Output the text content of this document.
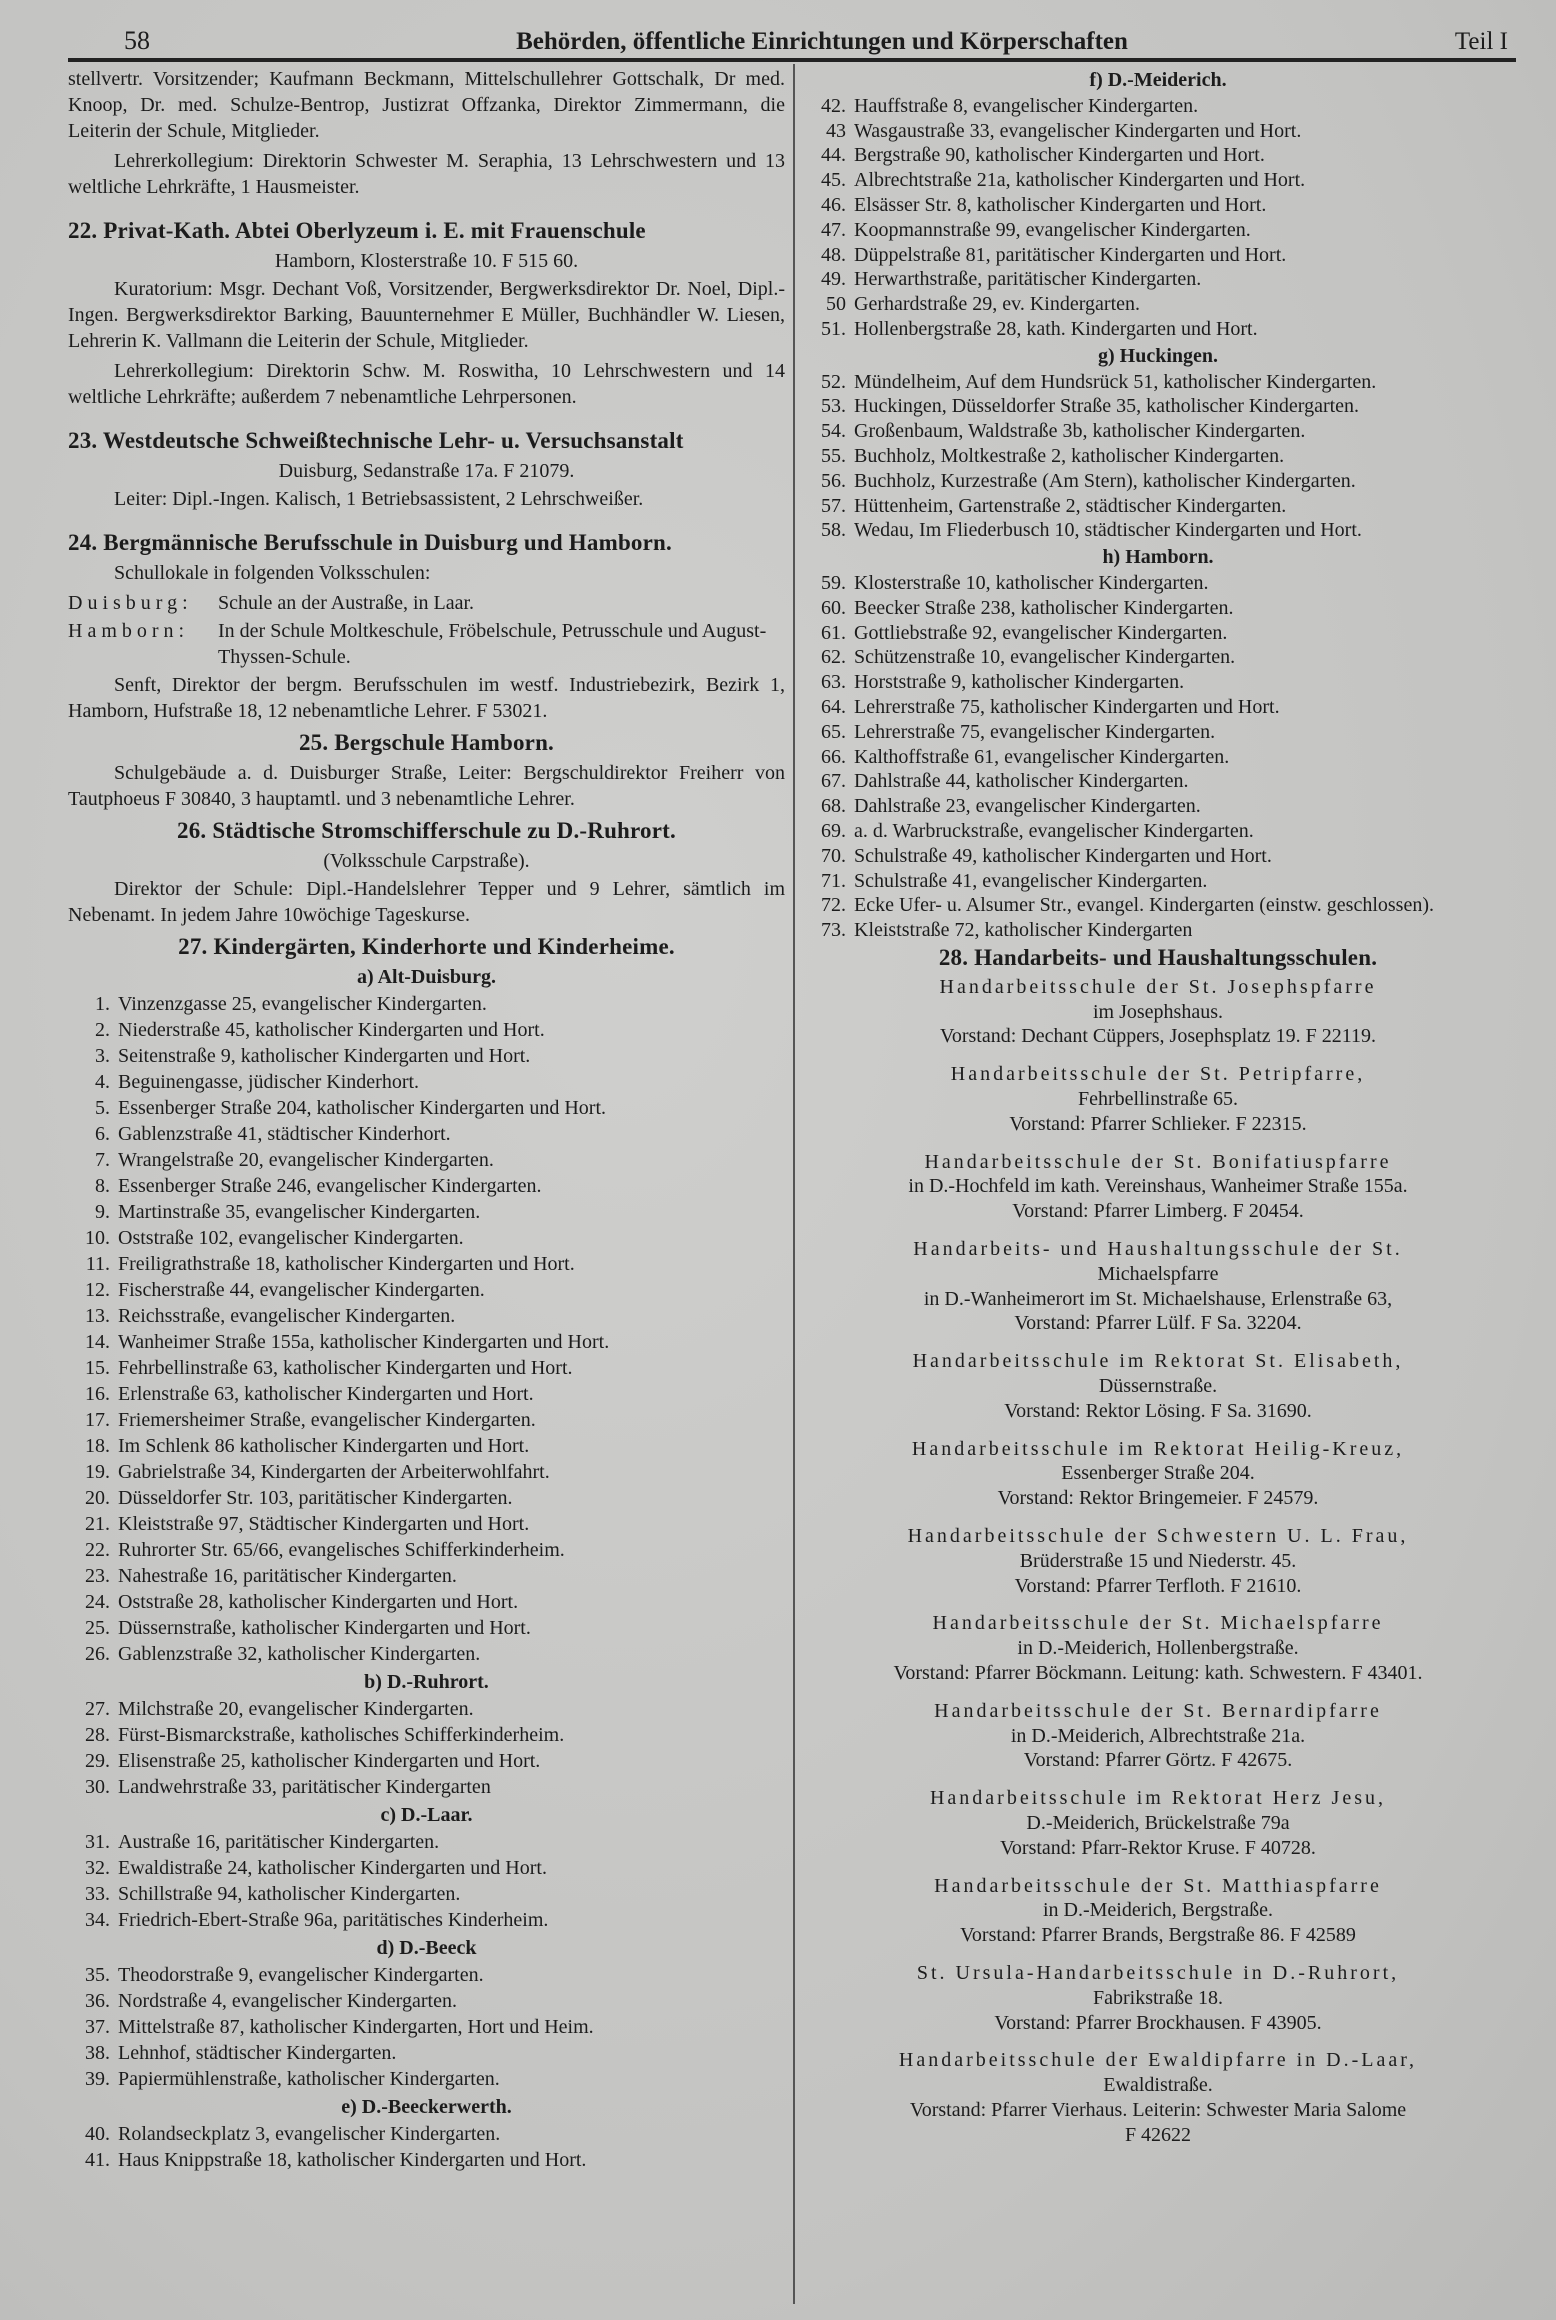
58	Behörden, öffentliche Einrichtungen und Körperschaften	Teil I
stellvertr. Vorsitzender; Kaufmann Beckmann, Mittelschullehrer Gottschalk, Dr med. Knoop, Dr. med. Schulze-Bentrop, Justizrat Offzanka, Direktor Zimmermann, die Leiterin der Schule, Mitglieder.
Lehrerkollegium: Direktorin Schwester M. Seraphia, 13 Lehrschwestern und 13 weltliche Lehrkräfte, 1 Hausmeister.
22. Privat-Kath. Abtei Oberlyzeum i. E. mit Frauenschule
Hamborn, Klosterstraße 10. F 515 60.
Kuratorium: Msgr. Dechant Voß, Vorsitzender, Bergwerksdirektor Dr. Noel, Dipl.-Ingen. Bergwerksdirektor Barking, Bauunternehmer E Müller, Buchhändler W. Liesen, Lehrerin K. Vallmann die Leiterin der Schule, Mitglieder.
Lehrerkollegium: Direktorin Schw. M. Roswitha, 10 Lehrschwestern und 14 weltliche Lehrkräfte; außerdem 7 nebenamtliche Lehrpersonen.
23. Westdeutsche Schweißtechnische Lehr- u. Versuchsanstalt
Duisburg, Sedanstraße 17a. F 21079.
Leiter: Dipl.-Ingen. Kalisch, 1 Betriebsassistent, 2 Lehrschweißer.
24. Bergmännische Berufsschule in Duisburg und Hamborn.
Schullokale in folgenden Volksschulen:
Duisburg:	Schule an der Austraße, in Laar.
Hamborn:	In der Schule Moltkeschule, Fröbelschule, Petrusschule und August-Thyssen-Schule.
Senft, Direktor der bergm. Berufsschulen im westf. Industriebezirk, Bezirk 1, Hamborn, Hufstraße 18, 12 nebenamtliche Lehrer. F 53021.
25. Bergschule Hamborn.
Schulgebäude a. d. Duisburger Straße, Leiter: Bergschuldirektor Freiherr von Tautphoeus F 30840, 3 hauptamtl. und 3 nebenamtliche Lehrer.
26. Städtische Stromschifferschule zu D.-Ruhrort.
(Volksschule Carpstraße).
Direktor der Schule: Dipl.-Handelslehrer Tepper und 9 Lehrer, sämtlich im Nebenamt. In jedem Jahre 10wöchige Tageskurse.
27. Kindergärten, Kinderhorte und Kinderheime.
a) Alt-Duisburg.
1. Vinzenzgasse 25, evangelischer Kindergarten.
2. Niederstraße 45, katholischer Kindergarten und Hort.
3. Seitenstraße 9, katholischer Kindergarten und Hort.
4. Beguinengasse, jüdischer Kinderhort.
5. Essenberger Straße 204, katholischer Kindergarten und Hort.
6. Gablenzstraße 41, städtischer Kinderhort.
7. Wrangelstraße 20, evangelischer Kindergarten.
8. Essenberger Straße 246, evangelischer Kindergarten.
9. Martinstraße 35, evangelischer Kindergarten.
10. Oststraße 102, evangelischer Kindergarten.
11. Freiligrathstraße 18, katholischer Kindergarten und Hort.
12. Fischerstraße 44, evangelischer Kindergarten.
13. Reichsstraße, evangelischer Kindergarten.
14. Wanheimer Straße 155a, katholischer Kindergarten und Hort.
15. Fehrbellinstraße 63, katholischer Kindergarten und Hort.
16. Erlenstraße 63, katholischer Kindergarten und Hort.
17. Friemersheimer Straße, evangelischer Kindergarten.
18. Im Schlenk 86 katholischer Kindergarten und Hort.
19. Gabrielstraße 34, Kindergarten der Arbeiterwohlfahrt.
20. Düsseldorfer Str. 103, paritätischer Kindergarten.
21. Kleiststraße 97, Städtischer Kindergarten und Hort.
22. Ruhrorter Str. 65/66, evangelisches Schifferkinderheim.
23. Nahestraße 16, paritätischer Kindergarten.
24. Oststraße 28, katholischer Kindergarten und Hort.
25. Düssernstraße, katholischer Kindergarten und Hort.
26. Gablenzstraße 32, katholischer Kindergarten.
b) D.-Ruhrort.
27. Milchstraße 20, evangelischer Kindergarten.
28. Fürst-Bismarckstraße, katholisches Schifferkinderheim.
29. Elisenstraße 25, katholischer Kindergarten und Hort.
30. Landwehrstraße 33, paritätischer Kindergarten
c) D.-Laar.
31. Austraße 16, paritätischer Kindergarten.
32. Ewaldistraße 24, katholischer Kindergarten und Hort.
33. Schillstraße 94, katholischer Kindergarten.
34. Friedrich-Ebert-Straße 96a, paritätisches Kinderheim.
d) D.-Beeck
35. Theodorstraße 9, evangelischer Kindergarten.
36. Nordstraße 4, evangelischer Kindergarten.
37. Mittelstraße 87, katholischer Kindergarten, Hort und Heim.
38. Lehnhof, städtischer Kindergarten.
39. Papiermühlenstraße, katholischer Kindergarten.
e) D.-Beeckerwerth.
40. Rolandseckplatz 3, evangelischer Kindergarten.
41. Haus Knippstraße 18, katholischer Kindergarten und Hort.
f) D.-Meiderich.
42. Hauffstraße 8, evangelischer Kindergarten.
43 Wasgaustraße 33, evangelischer Kindergarten und Hort.
44. Bergstraße 90, katholischer Kindergarten und Hort.
45. Albrechtstraße 21a, katholischer Kindergarten und Hort.
46. Elsässer Str. 8, katholischer Kindergarten und Hort.
47. Koopmannstraße 99, evangelischer Kindergarten.
48. Düppelstraße 81, paritätischer Kindergarten und Hort.
49. Herwarthstraße, paritätischer Kindergarten.
50 Gerhardstraße 29, ev. Kindergarten.
51. Hollenbergstraße 28, kath. Kindergarten und Hort.
g) Huckingen.
52. Mündelheim, Auf dem Hundsrück 51, katholischer Kindergarten.
53. Huckingen, Düsseldorfer Straße 35, katholischer Kindergarten.
54. Großenbaum, Waldstraße 3b, katholischer Kindergarten.
55. Buchholz, Moltkestraße 2, katholischer Kindergarten.
56. Buchholz, Kurzestraße (Am Stern), katholischer Kindergarten.
57. Hüttenheim, Gartenstraße 2, städtischer Kindergarten.
58. Wedau, Im Fliederbusch 10, städtischer Kindergarten und Hort.
h) Hamborn.
59. Klosterstraße 10, katholischer Kindergarten.
60. Beecker Straße 238, katholischer Kindergarten.
61. Gottliebstraße 92, evangelischer Kindergarten.
62. Schützenstraße 10, evangelischer Kindergarten.
63. Horststraße 9, katholischer Kindergarten.
64. Lehrerstraße 75, katholischer Kindergarten und Hort.
65. Lehrerstraße 75, evangelischer Kindergarten.
66. Kalthoffstraße 61, evangelischer Kindergarten.
67. Dahlstraße 44, katholischer Kindergarten.
68. Dahlstraße 23, evangelischer Kindergarten.
69. a. d. Warbruckstraße, evangelischer Kindergarten.
70. Schulstraße 49, katholischer Kindergarten und Hort.
71. Schulstraße 41, evangelischer Kindergarten.
72. Ecke Ufer- u. Alsumer Str., evangel. Kindergarten (einstw. geschlossen).
73. Kleiststraße 72, katholischer Kindergarten
28. Handarbeits- und Haushaltungsschulen.
Handarbeitsschule der St. Josephspfarre
im Josephshaus.
Vorstand: Dechant Cüppers, Josephsplatz 19. F 22119.
Handarbeitsschule der St. Petripfarre,
Fehrbellinstraße 65.
Vorstand: Pfarrer Schlieker. F 22315.
Handarbeitsschule der St. Bonifatiuspfarre
in D.-Hochfeld im kath. Vereinshaus, Wanheimer Straße 155a.
Vorstand: Pfarrer Limberg. F 20454.
Handarbeits- und Haushaltungsschule der St.
Michaelspfarre
in D.-Wanheimerort im St. Michaelshause, Erlenstraße 63,
Vorstand: Pfarrer Lülf. F Sa. 32204.
Handarbeitsschule im Rektorat St. Elisabeth,
Düssernstraße.
Vorstand: Rektor Lösing. F Sa. 31690.
Handarbeitsschule im Rektorat Heilig-Kreuz,
Essenberger Straße 204.
Vorstand: Rektor Bringemeier. F 24579.
Handarbeitsschule der Schwestern U. L. Frau,
Brüderstraße 15 und Niederstr. 45.
Vorstand: Pfarrer Terfloth. F 21610.
Handarbeitsschule der St. Michaelspfarre
in D.-Meiderich, Hollenbergstraße.
Vorstand: Pfarrer Böckmann. Leitung: kath. Schwestern. F 43401.
Handarbeitsschule der St. Bernardipfarre
in D.-Meiderich, Albrechtstraße 21a.
Vorstand: Pfarrer Görtz. F 42675.
Handarbeitsschule im Rektorat Herz Jesu,
D.-Meiderich, Brückelstraße 79a
Vorstand: Pfarr-Rektor Kruse. F 40728.
Handarbeitsschule der St. Matthiaspfarre
in D.-Meiderich, Bergstraße.
Vorstand: Pfarrer Brands, Bergstraße 86. F 42589
St. Ursula-Handarbeitsschule in D.-Ruhrort,
Fabrikstraße 18.
Vorstand: Pfarrer Brockhausen. F 43905.
Handarbeitsschule der Ewaldipfarre in D.-Laar,
Ewaldistraße.
Vorstand: Pfarrer Vierhaus. Leiterin: Schwester Maria Salome
F 42622
